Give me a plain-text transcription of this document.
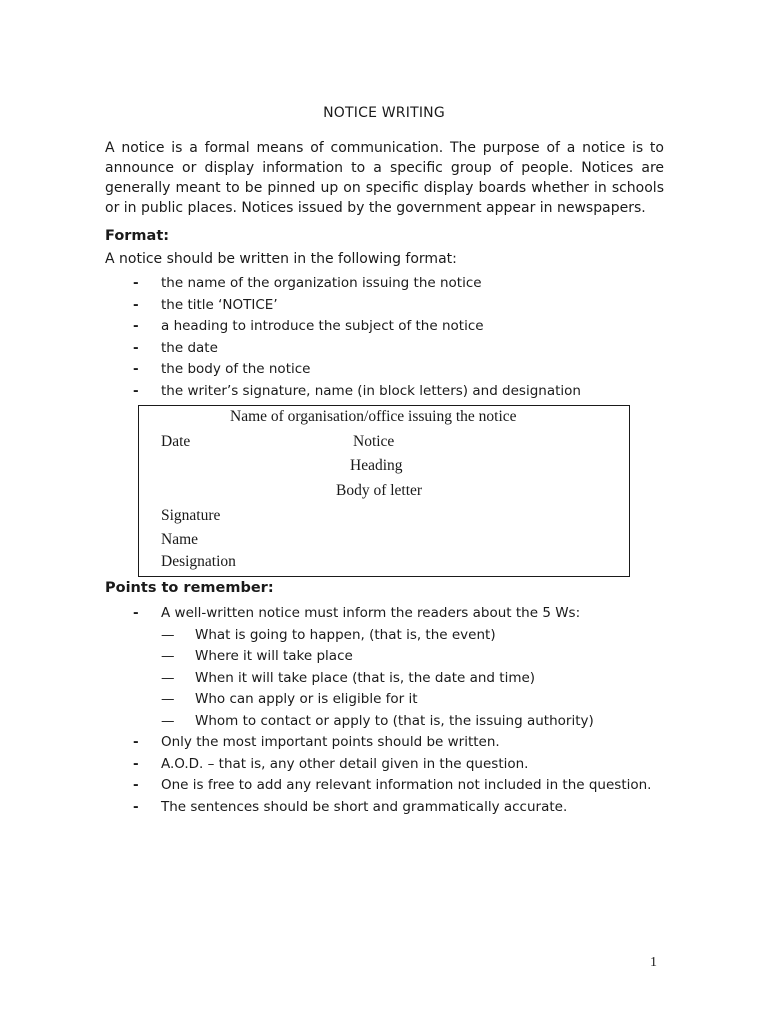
NOTICE WRITING

A notice is a formal means of communication. The purpose of a notice is to announce or display information to a specific group of people. Notices are generally meant to be pinned up on specific display boards whether in schools or in public places. Notices issued by the government appear in newspapers.

Format:

A notice should be written in the following format:

- the name of the organization issuing the notice
- the title ‘NOTICE’
- a heading to introduce the subject of the notice
- the date
- the body of the notice
- the writer’s signature, name (in block letters) and designation
Name of organisation/office issuing the notice
Date	Notice
Heading
Body of letter
Signature
Name
Designation

Points to remember:

- A well-written notice must inform the readers about the 5 Ws:
— What is going to happen, (that is, the event)
— Where it will take place
— When it will take place (that is, the date and time)
— Who can apply or is eligible for it
— Whom to contact or apply to (that is, the issuing authority)
- Only the most important points should be written.
- A.O.D. – that is, any other detail given in the question.
- One is free to add any relevant information not included in the question.
- The sentences should be short and grammatically accurate.
1
